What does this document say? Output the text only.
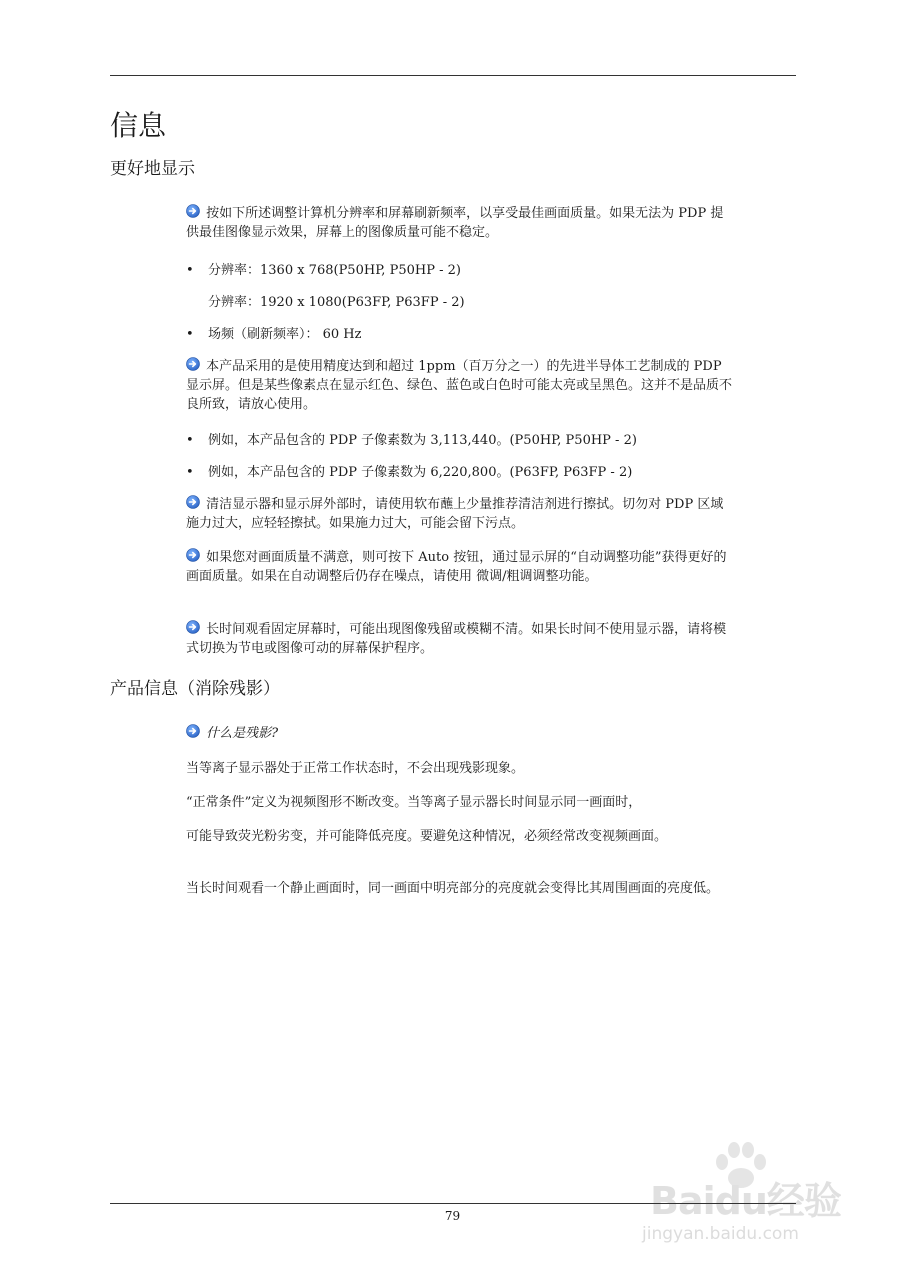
信息
更好地显示
按如下所述调整计算机分辨率和屏幕刷新频率，以享受最佳画面质量。如果无法为 PDP 提供最佳图像显示效果，屏幕上的图像质量可能不稳定。
• 分辨率：1360 x 768(P50HP, P50HP - 2)
分辨率：1920 x 1080(P63FP, P63FP - 2)
• 场频（刷新频率）： 60 Hz
本产品采用的是使用精度达到和超过 1ppm（百万分之一）的先进半导体工艺制成的 PDP 显示屏。但是某些像素点在显示红色、绿色、蓝色或白色时可能太亮或呈黑色。这并不是品质不良所致，请放心使用。
• 例如，本产品包含的 PDP 子像素数为 3,113,440。(P50HP, P50HP - 2)
• 例如，本产品包含的 PDP 子像素数为 6,220,800。(P63FP, P63FP - 2)
清洁显示器和显示屏外部时，请使用软布蘸上少量推荐清洁剂进行擦拭。切勿对 PDP 区域施力过大，应轻轻擦拭。如果施力过大，可能会留下污点。
如果您对画面质量不满意，则可按下 Auto 按钮，通过显示屏的“自动调整功能”获得更好的画面质量。如果在自动调整后仍存在噪点，请使用 微调/粗调调整功能。
长时间观看固定屏幕时，可能出现图像残留或模糊不清。如果长时间不使用显示器，请将模式切换为节电或图像可动的屏幕保护程序。
产品信息（消除残影）
什么是残影?
当等离子显示器处于正常工作状态时，不会出现残影现象。
“正常条件”定义为视频图形不断改变。当等离子显示器长时间显示同一画面时，
可能导致荧光粉劣变，并可能降低亮度。要避免这种情况，必须经常改变视频画面。
当长时间观看一个静止画面时，同一画面中明亮部分的亮度就会变得比其周围画面的亮度低。
Baidu经验
jingyan.baidu.com
79
